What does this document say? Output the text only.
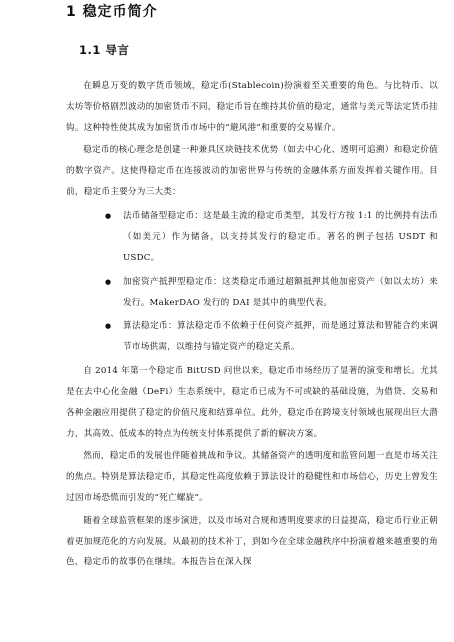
1 稳定币简介
1.1 导言

在瞬息万变的数字货币领域，稳定币(Stablecoin)扮演着至关重要的角色。与比特币、以太坊等价格剧烈波动的加密货币不同，稳定币旨在维持其价值的稳定，通常与美元等法定货币挂钩。这种特性使其成为加密货币市场中的“避风港”和重要的交易媒介。

稳定币的核心理念是创建一种兼具区块链技术优势（如去中心化、透明可追溯）和稳定价值的数字资产。这使得稳定币在连接波动的加密世界与传统的金融体系方面发挥着关键作用。目前，稳定币主要分为三大类：

● 法币储备型稳定币：这是最主流的稳定币类型，其发行方按 1:1 的比例持有法币（如美元）作为储备，以支持其发行的稳定币。著名的例子包括 USDT 和 USDC。
● 加密资产抵押型稳定币：这类稳定币通过超额抵押其他加密资产（如以太坊）来发行。MakerDAO 发行的 DAI 是其中的典型代表。
● 算法稳定币：算法稳定币不依赖于任何资产抵押，而是通过算法和智能合约来调节市场供需，以维持与锚定资产的稳定关系。

自 2014 年第一个稳定币 BitUSD 问世以来，稳定币市场经历了显著的演变和增长。尤其是在去中心化金融（DeFi）生态系统中，稳定币已成为不可或缺的基础设施，为借贷、交易和各种金融应用提供了稳定的价值尺度和结算单位。此外，稳定币在跨境支付领域也展现出巨大潜力，其高效、低成本的特点为传统支付体系提供了新的解决方案。

然而，稳定币的发展也伴随着挑战和争议。其储备资产的透明度和监管问题一直是市场关注的焦点。特别是算法稳定币，其稳定性高度依赖于算法设计的稳健性和市场信心，历史上曾发生过因市场恐慌而引发的“死亡螺旋”。

随着全球监管框架的逐步演进，以及市场对合规和透明度要求的日益提高，稳定币行业正朝着更加规范化的方向发展。从最初的技术补丁，到如今在全球金融秩序中扮演着越来越重要的角色，稳定币的故事仍在继续。本报告旨在深入探
